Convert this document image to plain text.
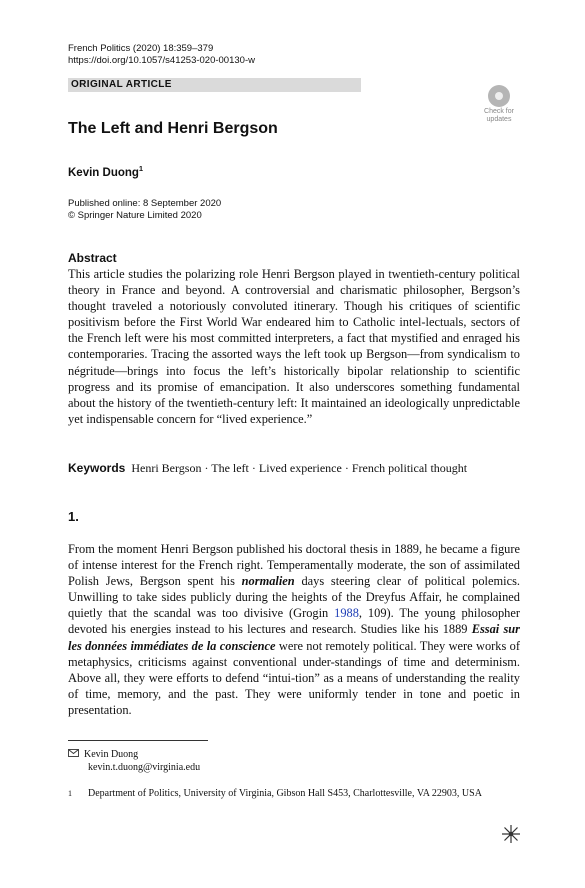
French Politics (2020) 18:359–379
https://doi.org/10.1057/s41253-020-00130-w
ORIGINAL ARTICLE
Check for
updates
The Left and Henri Bergson
Kevin Duong$^1$
Published online: 8 September 2020
© Springer Nature Limited 2020
Abstract
This article studies the polarizing role Henri Bergson played in twentieth-century political theory in France and beyond. A controversial and charismatic philosopher, Bergson’s thought traveled a notoriously convoluted itinerary. Though his critiques of scientific positivism before the First World War endeared him to Catholic intel-lectuals, sectors of the French left were his most committed interpreters, a fact that mystified and enraged his contemporaries. Tracing the assorted ways the left took up Bergson—from syndicalism to négritude—brings into focus the left’s historically bipolar relationship to scientific progress and its promise of emancipation. It also underscores something fundamental about the history of the twentieth-century left: It maintained an ideologically unpredictable yet indispensable concern for “lived experience.”
Keywords Henri Bergson · The left · Lived experience · French political thought
1.
From the moment Henri Bergson published his doctoral thesis in 1889, he became a figure of intense interest for the French right. Temperamentally moderate, the son of assimilated Polish Jews, Bergson spent his normalien days steering clear of political polemics. Unwilling to take sides publicly during the heights of the Dreyfus Affair, he complained quietly that the scandal was too divisive (Grogin 1988, 109). The young philosopher devoted his energies instead to his lectures and research. Studies like his 1889 Essai sur les données immédiates de la conscience were not remotely political. They were works of metaphysics, criticisms against conventional under-standings of time and determinism. Above all, they were efforts to defend “intui-tion” as a means of understanding the reality of time, memory, and the past. They were uniformly tender in tone and poetic in presentation.
Kevin Duong
kevin.t.duong@virginia.edu
1	Department of Politics, University of Virginia, Gibson Hall S453, Charlottesville, VA 22903, USA
